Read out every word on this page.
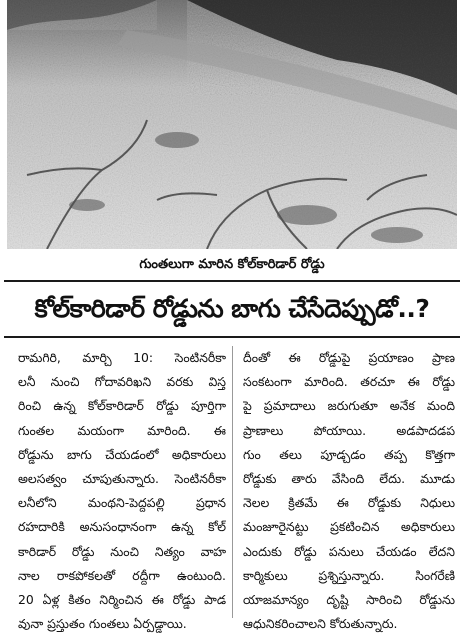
గుంతలుగా మారిన కోల్‌కారిడార్ రోడ్డు
కోల్‌కారిడార్ రోడ్డును బాగు చేసేదెప్పుడో..?
రామగిరి, మార్చి 10: సెంటినరీకా
లనీ నుంచి గోదావరిఖని వరకు విస్త
రించి ఉన్న కోల్‌కారిడార్ రోడ్డు పూర్తిగా
గుంతల మయంగా మారింది. ఈ
రోడ్డును బాగు చేయడంలో అధికారులు
అలసత్వం చూపుతున్నారు. సెంటినరీకా
లనీలోని మంథని-పెద్దపల్లి ప్రధాన
రహదారికి అనుసంధానంగా ఉన్న కోల్
కారిడార్ రోడ్డు నుంచి నిత్యం వాహ
నాల రాకపోకలతో రద్దీగా ఉంటుంది.
20 ఏళ్ల కితం నిర్మించిన ఈ రోడ్డు పాడ
వునా ప్రస్తుతం గుంతలు ఏర్పడ్డాయి.
దీంతో ఈ రోడ్డుపై ప్రయాణం ప్రాణ
సంకటంగా మారింది. తరచూ ఈ రోడ్డు
పై ప్రమాదాలు జరుగుతూ అనేక మంది
ప్రాణాలు పోయాయి. అడపాదడప
గుం తలు పూడ్చడం తప్ప కొత్తగా
రోడ్డుకు తారు వేసింది లేదు. మూడు
నెలల క్రితమే ఈ రోడ్డుకు నిధులు
మంజూరైనట్టు ప్రకటించిన అధికారులు
ఎందుకు రోడ్డు పనులు చేయడం లేదని
కార్మికులు ప్రశ్నిస్తున్నారు. సింగరేణి
యాజమాన్యం దృష్టి సారించి రోడ్డును
ఆధునికరించాలని కోరుతున్నారు.
